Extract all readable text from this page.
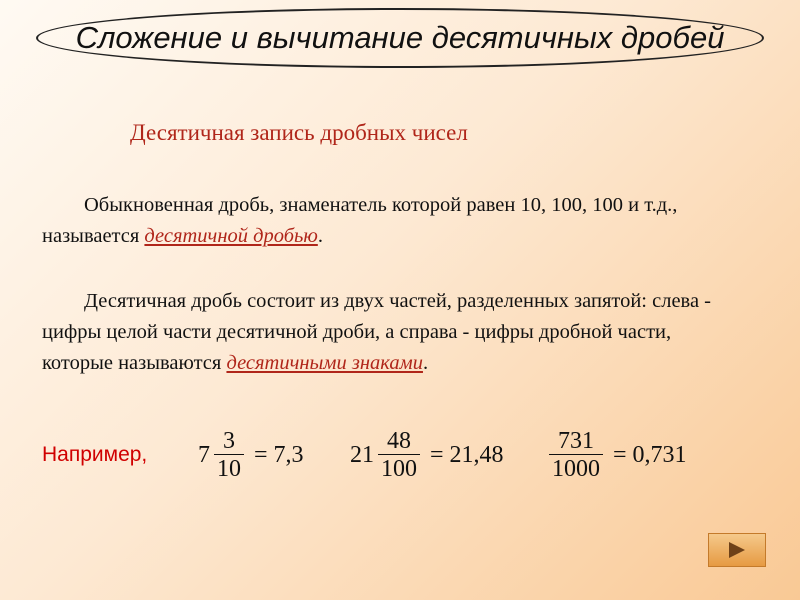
Сложение и вычитание десятичных дробей
Десятичная запись дробных чисел
Обыкновенная дробь, знаменатель которой равен 10, 100, 100 и т.д., называется десятичной дробью.
Десятичная дробь состоит из двух частей, разделенных запятой: слева - цифры целой части десятичной дроби, а справа - цифры дробной части, которые называются десятичными знаками.
Например, $7 \frac{3}{10} = 7,3$ $21 \frac{48}{100} = 21,48 \frac{731}{1000} = 0,731$
